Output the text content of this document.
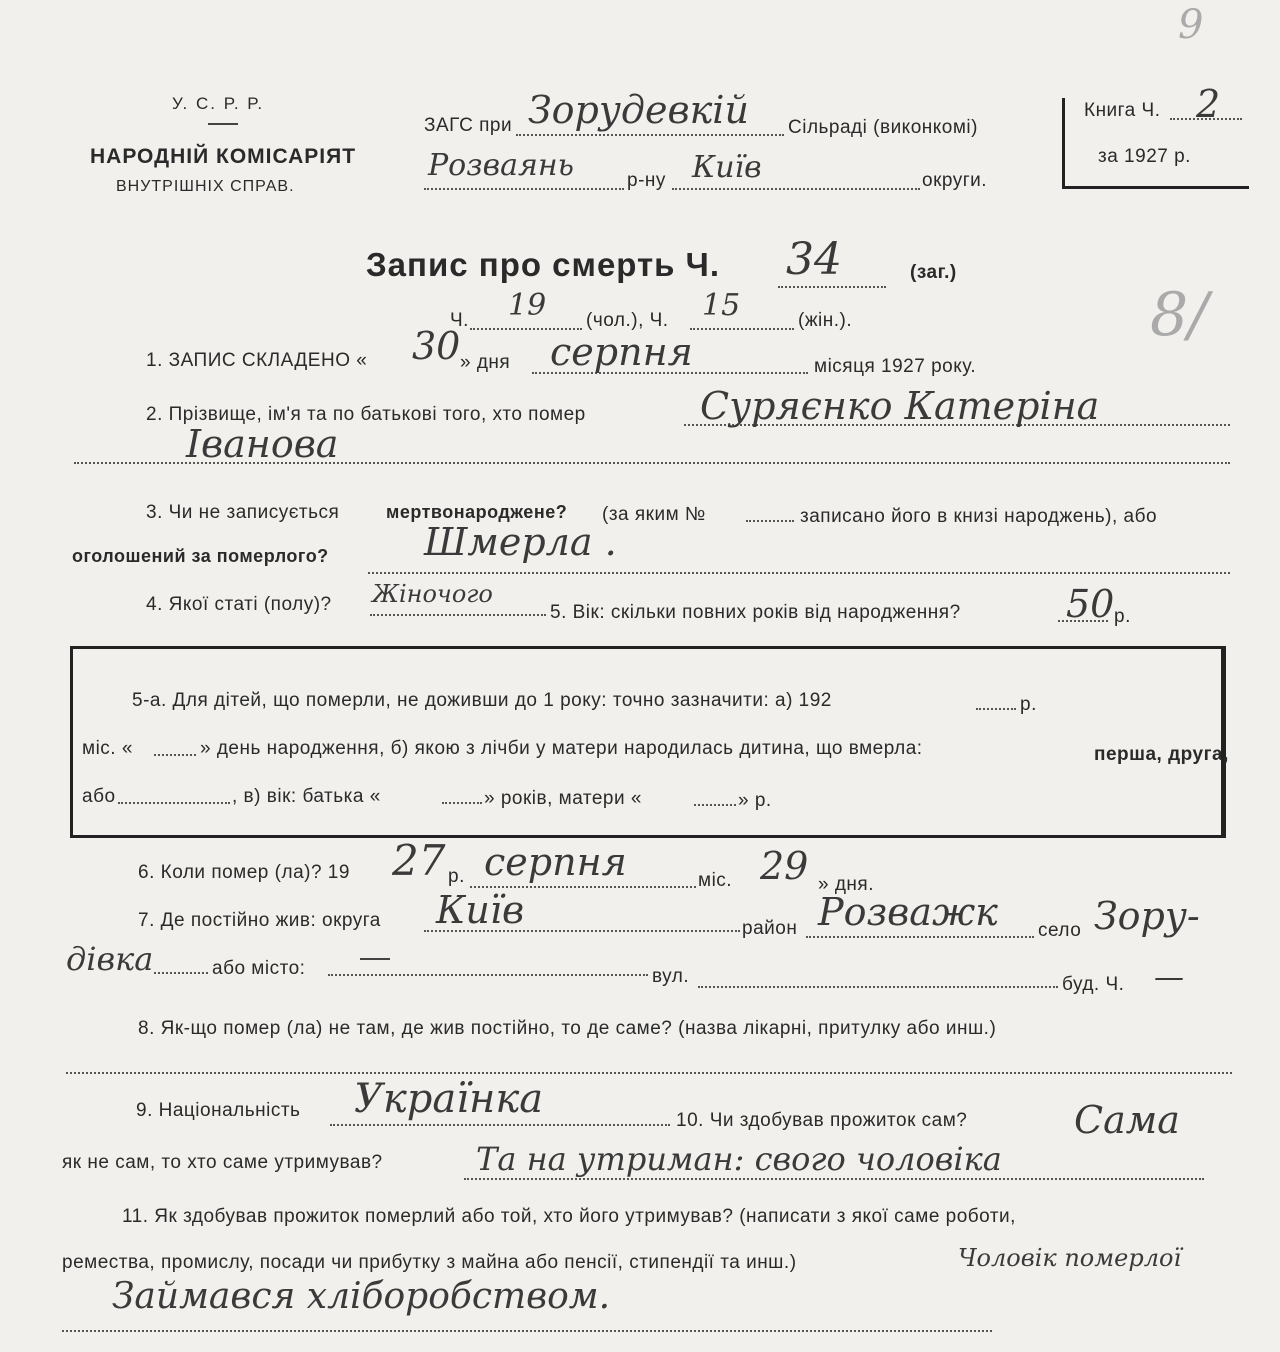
У. С. Р. Р.
НАРОДНІЙ КОМІСАРІЯТ
ВНУТРІШНІХ СПРАВ.
9
8/
ЗАГС при Зорудевкій Сільраді (виконкомі)
Розваянь	р-ну Київ	округи.
Книга Ч. 2
за 1927 р.
Запис про смерть Ч. 34	(заг.)
Ч. 19 (чол.), Ч. 15	(жін.).
1. ЗАПИС СКЛАДЕНО « 30 » дня серпня	місяця 1927 року.
2. Прізвище, ім'я та по батькові того, хто помер	Суряєнко Катеріна
Іванова
3. Чи не записується	мертвонароджене? (за яким №	записано його в книзі народжень), або
оголошений за померлого?	Шмерла .
4. Якої статі (полу)? Жіночого
5. Вік: скільки повних років від народження?	50 р.
5-а. Для дітей, що померли, не доживши до 1 року: точно зазначити: а) 192	р.
міс. «	» день народження, б) якою з лічби у матери народилась дитина, що вмерла:	перша, друга,
або	, в) вік: батька «	» років, матери «	» р.
6. Коли помер (ла)? 19 27 р. серпня	міс. 29 » дня.
7. Де постійно жив: округа Київ	район Розважк село Зору-
дівка	або місто:	вул.	буд. Ч. —
8. Як-що помер (ла) не там, де жив постійно, то де саме? (назва лікарні, притулку або инш.)
9. Національність Українка	10. Чи здобував прожиток сам?	Сама
як не сам, то хто саме утримував?	Та на утриман: свого чоловіка
11. Як здобував прожиток померлий або той, хто його утримував? (написати з якої саме роботи,
ремества, промислу, посади чи прибутку з майна або пенсії, стипендії та инш.)	Чоловік померлої
Займався хліборобством.
